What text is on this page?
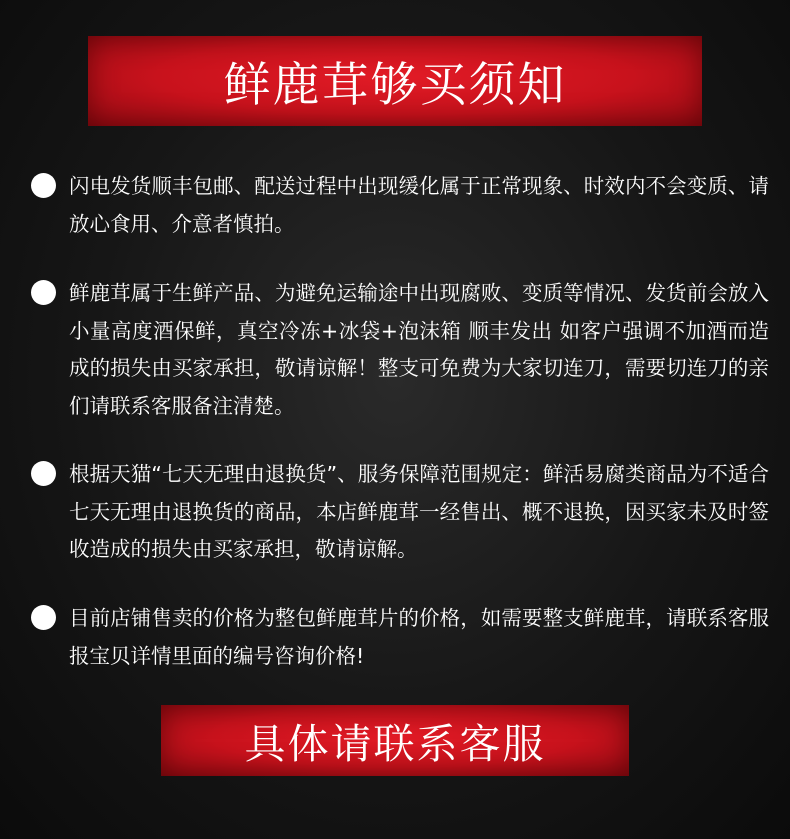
鲜鹿茸够买须知

闪电发货顺丰包邮、配送过程中出现缓化属于正常现象、时效内不会变质、请放心食用、介意者慎拍。

鲜鹿茸属于生鲜产品、为避免运输途中出现腐败、变质等情况、发货前会放入小量高度酒保鲜，真空冷冻+冰袋+泡沫箱 顺丰发出 如客户强调不加酒而造成的损失由买家承担，敬请谅解！整支可免费为大家切连刀，需要切连刀的亲们请联系客服备注清楚。

根据天猫“七天无理由退换货”、服务保障范围规定：鲜活易腐类商品为不适合七天无理由退换货的商品，本店鲜鹿茸一经售出、概不退换，因买家未及时签收造成的损失由买家承担，敬请谅解。

目前店铺售卖的价格为整包鲜鹿茸片的价格，如需要整支鲜鹿茸，请联系客服报宝贝详情里面的编号咨询价格!

具体请联系客服
